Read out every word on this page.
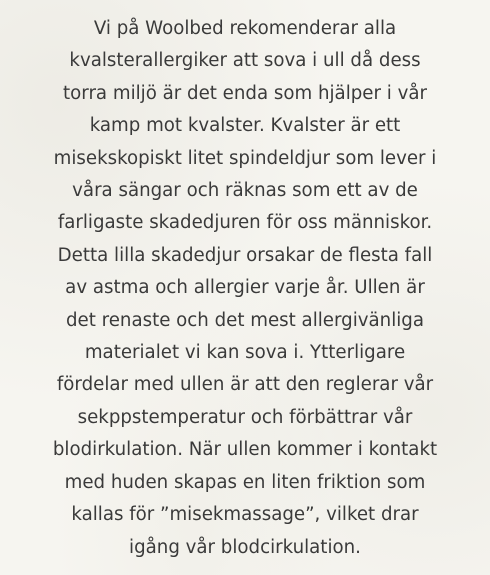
Vi på Woolbed rekomenderar alla
kvalsterallergiker att sova i ull då dess
torra miljö är det enda som hjälper i vår
kamp mot kvalster. Kvalster är ett
misekskopiskt litet spindeldjur som lever i
våra sängar och räknas som ett av de
farligaste skadedjuren för oss människor.
Detta lilla skadedjur orsakar de flesta fall
av astma och allergier varje år. Ullen är
det renaste och det mest allergivänliga
materialet vi kan sova i. Ytterligare
fördelar med ullen är att den reglerar vår
sekppstemperatur och förbättrar vår
blodirkulation. När ullen kommer i kontakt
med huden skapas en liten friktion som
kallas för ”misekmassage”, vilket drar
igång vår blodcirkulation.
